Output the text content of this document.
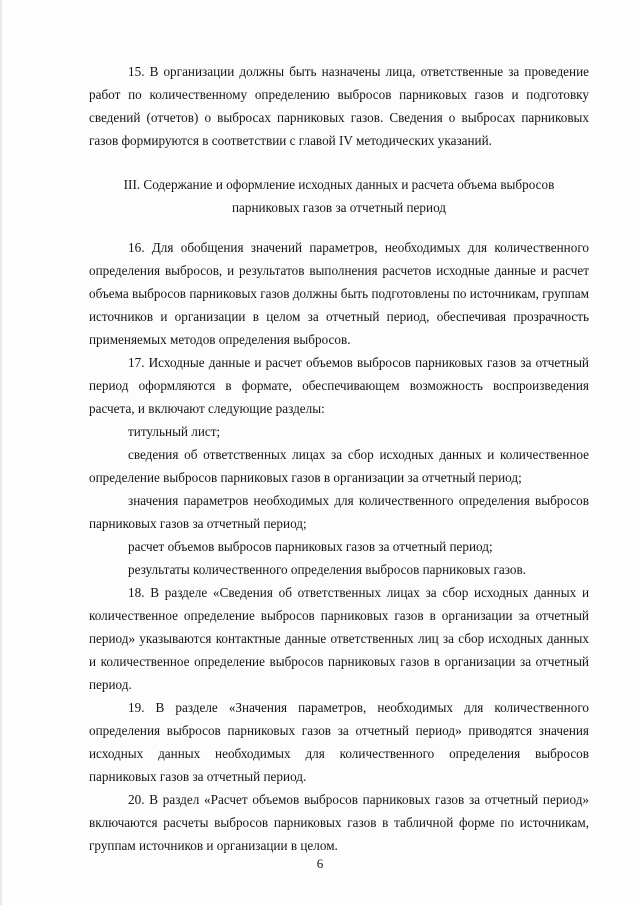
15. В организации должны быть назначены лица, ответственные за проведение работ по количественному определению выбросов парниковых газов и подготовку сведений (отчетов) о выбросах парниковых газов. Сведения о выбросах парниковых газов формируются в соответствии с главой IV методических указаний.

III. Содержание и оформление исходных данных и расчета объема выбросов

парниковых газов за отчетный период

16. Для обобщения значений параметров, необходимых для количественного определения выбросов, и результатов выполнения расчетов исходные данные и расчет объема выбросов парниковых газов должны быть подготовлены по источникам, группам источников и организации в целом за отчетный период, обеспечивая прозрачность применяемых методов определения выбросов.

17. Исходные данные и расчет объемов выбросов парниковых газов за отчетный период оформляются в формате, обеспечивающем возможность воспроизведения расчета, и включают следующие разделы:

титульный лист;

сведения об ответственных лицах за сбор исходных данных и количественное определение выбросов парниковых газов в организации за отчетный период;

значения параметров необходимых для количественного определения выбросов парниковых газов за отчетный период;

расчет объемов выбросов парниковых газов за отчетный период;

результаты количественного определения выбросов парниковых газов.

18. В разделе «Сведения об ответственных лицах за сбор исходных данных и количественное определение выбросов парниковых газов в организации за отчетный период» указываются контактные данные ответственных лиц за сбор исходных данных и количественное определение выбросов парниковых газов в организации за отчетный период.

19. В разделе «Значения параметров, необходимых для количественного определения выбросов парниковых газов за отчетный период» приводятся значения исходных данных необходимых для количественного определения выбросов парниковых газов за отчетный период.

20. В раздел «Расчет объемов выбросов парниковых газов за отчетный период» включаются расчеты выбросов парниковых газов в табличной форме по источникам, группам источников и организации в целом.

6
